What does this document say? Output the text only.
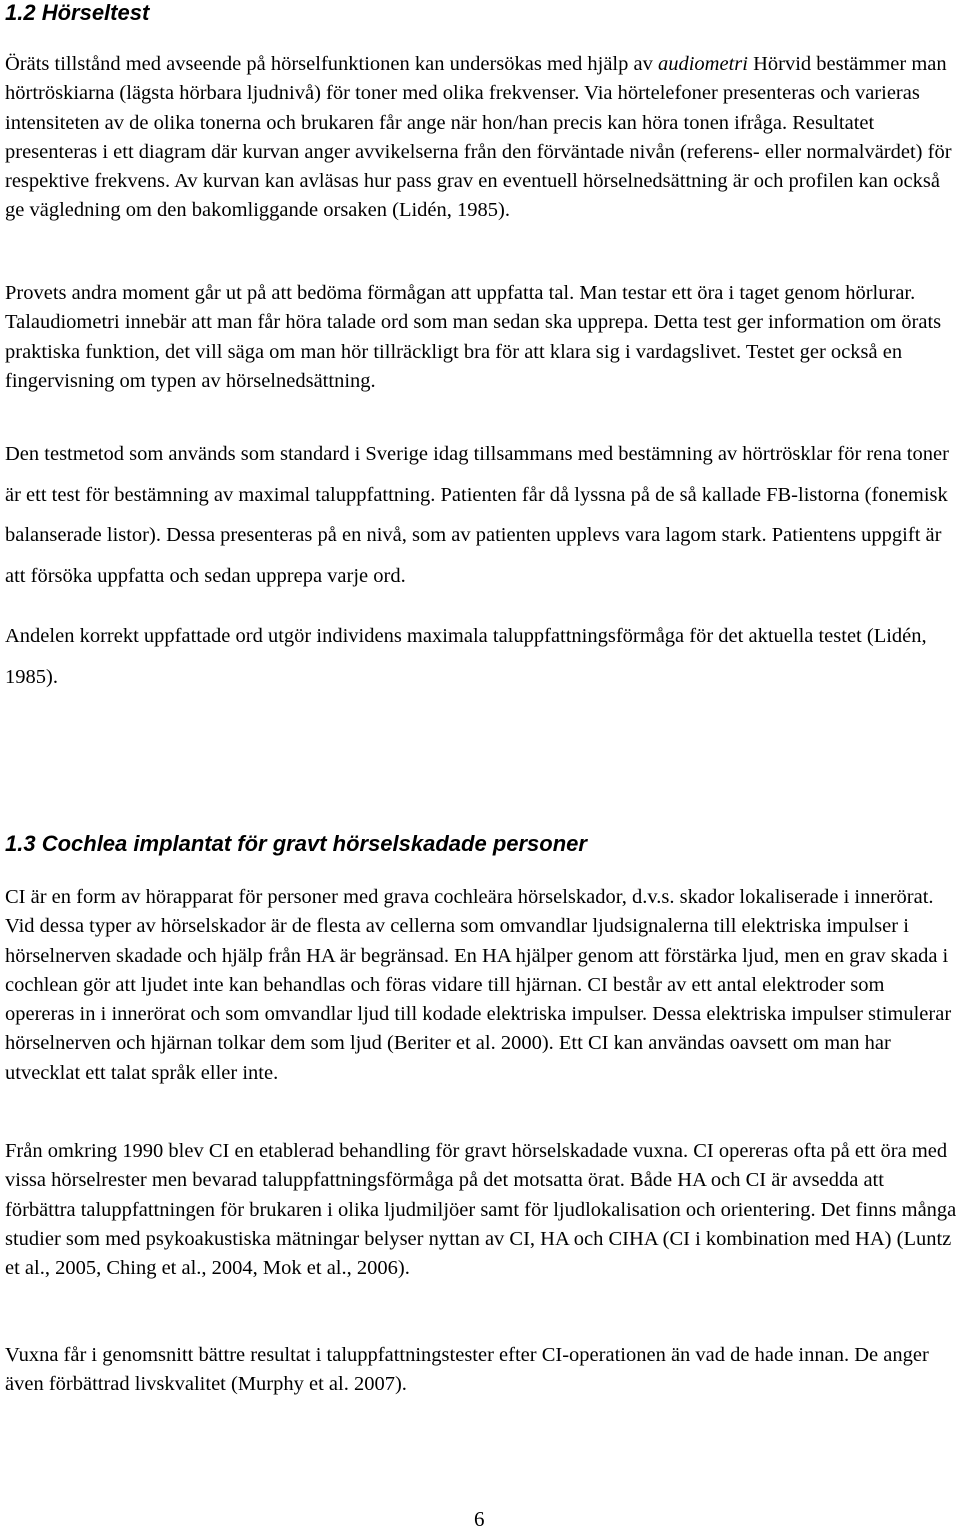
1.2 Hörseltest

Öräts tillstånd med avseende på hörselfunktionen kan undersökas med hjälp av audiometri Hörvid bestämmer man hörtröskiarna (lägsta hörbara ljudnivå) för toner med olika frekvenser. Via hörtelefoner presenteras och varieras intensiteten av de olika tonerna och brukaren får ange när hon/han precis kan höra tonen ifråga. Resultatet presenteras i ett diagram där kurvan anger avvikelserna från den förväntade nivån (referens- eller normalvärdet) för respektive frekvens. Av kurvan kan avläsas hur pass grav en eventuell hörselnedsättning är och profilen kan också ge vägledning om den bakomliggande orsaken (Lidén, 1985).

Provets andra moment går ut på att bedöma förmågan att uppfatta tal. Man testar ett öra i taget genom hörlurar. Talaudiometri innebär att man får höra talade ord som man sedan ska upprepa. Detta test ger information om örats praktiska funktion, det vill säga om man hör tillräckligt bra för att klara sig i vardagslivet. Testet ger också en fingervisning om typen av hörselnedsättning.

Den testmetod som används som standard i Sverige idag tillsammans med bestämning av hörtrösklar för rena toner är ett test för bestämning av maximal taluppfattning. Patienten får då lyssna på de så kallade FB-listorna (fonemisk balanserade listor). Dessa presenteras på en nivå, som av patienten upplevs vara lagom stark. Patientens uppgift är att försöka uppfatta och sedan upprepa varje ord.

Andelen korrekt uppfattade ord utgör individens maximala taluppfattningsförmåga för det aktuella testet (Lidén, 1985).

1.3 Cochlea implantat för gravt hörselskadade personer

CI är en form av hörapparat för personer med grava cochleära hörselskador, d.v.s. skador lokaliserade i innerörat. Vid dessa typer av hörselskador är de flesta av cellerna som omvandlar ljudsignalerna till elektriska impulser i hörselnerven skadade och hjälp från HA är begränsad. En HA hjälper genom att förstärka ljud, men en grav skada i cochlean gör att ljudet inte kan behandlas och föras vidare till hjärnan. CI består av ett antal elektroder som opereras in i innerörat och som omvandlar ljud till kodade elektriska impulser. Dessa elektriska impulser stimulerar hörselnerven och hjärnan tolkar dem som ljud (Beriter et al. 2000). Ett CI kan användas oavsett om man har utvecklat ett talat språk eller inte.

Från omkring 1990 blev CI en etablerad behandling för gravt hörselskadade vuxna. CI opereras ofta på ett öra med vissa hörselrester men bevarad taluppfattningsförmåga på det motsatta örat. Både HA och CI är avsedda att förbättra taluppfattningen för brukaren i olika ljudmiljöer samt för ljudlokalisation och orientering. Det finns många studier som med psykoakustiska mätningar belyser nyttan av CI, HA och CIHA (CI i kombination med HA) (Luntz et al., 2005, Ching et al., 2004, Mok et al., 2006).

Vuxna får i genomsnitt bättre resultat i taluppfattningstester efter CI-operationen än vad de hade innan. De anger även förbättrad livskvalitet (Murphy et al. 2007).

6
